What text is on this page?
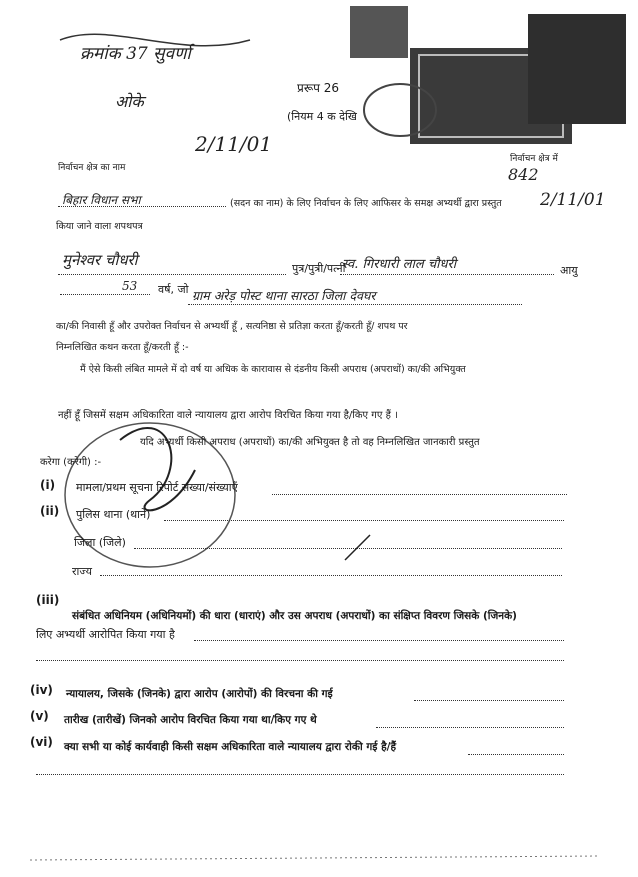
क्रमांक 37 सुवर्णा
ओके
2/11/01
प्ररूप 26
(नियम 4 क देखि
निर्वाचन क्षेत्र का नाम
निर्वाचन क्षेत्र में
842
2/11/01
बिहार विधान सभा	(सदन का नाम) के लिए निर्वाचन के लिए आफिसर के समक्ष अभ्यर्थी द्वारा प्रस्तुत
किया जाने वाला शपथपत्र
मुनेश्वर चौधरी	पुत्र/पुत्री/पत्नी
स्व. गिरधारी लाल चौधरी	आयु
53 वर्ष, जो ग्राम अरेड़ पोस्ट थाना सारठा जिला देवघर
का/की निवासी हूँ और उपरोक्त निर्वाचन से अभ्यर्थी हूँ , सत्यनिष्ठा से प्रतिज्ञा करता हूँ/करती हूँ/ शपथ पर
निम्नलिखित कथन करता हूँ/करती हूँ :-
मैं ऐसे किसी लंबित मामले में दो वर्ष या अधिक के कारावास से दंडनीय किसी अपराध (अपराधों) का/की अभियुक्त
नहीं हूँ जिसमें सक्षम अधिकारिता वाले न्यायालय द्वारा आरोप विरचित किया गया है/किए गए हैं ।
यदि अभ्यर्थी किसी अपराध (अपराधों) का/की अभियुक्त है तो वह निम्नलिखित जानकारी प्रस्तुत
करेगा (करेगी) :-
(i) मामला/प्रथम सूचना रिपोर्ट संख्या/संख्याएँ
(ii) पुलिस थाना (थाने)
जिला (जिले)
राज्य
(iii)
संबंधित अधिनियम (अधिनियमों) की धारा (धाराएं) और उस अपराध (अपराधों) का संक्षिप्त विवरण जिसके (जिनके)
लिए अभ्यर्थी आरोपित किया गया है
(iv) न्यायालय, जिसके (जिनके) द्वारा आरोप (आरोपों) की विरचना की गई
(v) तारीख (तारीखें) जिनको आरोप विरचित किया गया था/किए गए थे
(vi) क्या सभी या कोई कार्यवाही किसी सक्षम अधिकारिता वाले न्यायालय द्वारा रोकी गई है/हैं
